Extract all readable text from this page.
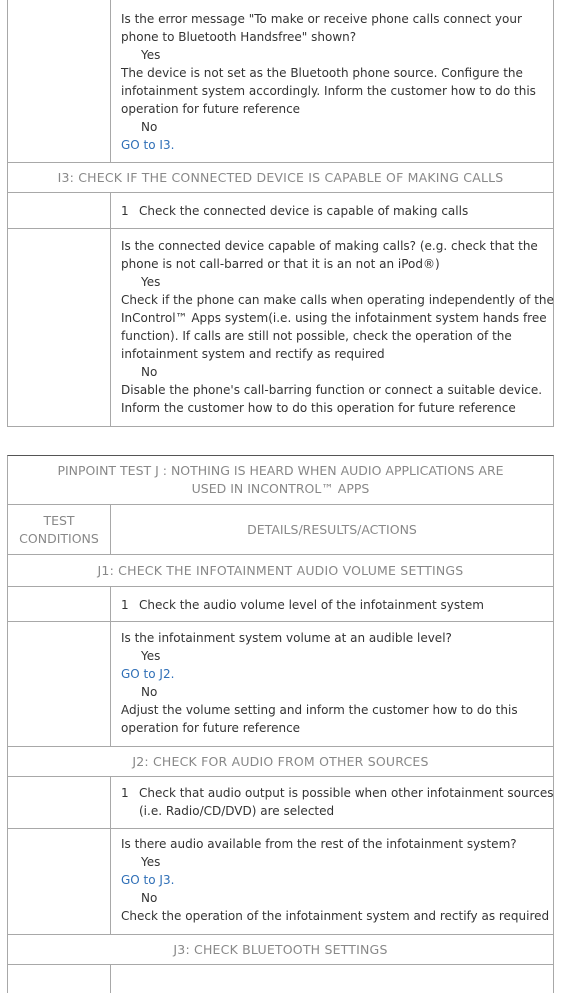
Is the error message "To make or receive phone calls connect your
phone to Bluetooth Handsfree" shown?
Yes
The device is not set as the Bluetooth phone source. Configure the
infotainment system accordingly. Inform the customer how to do this
operation for future reference
No
GO to I3.
I3: CHECK IF THE CONNECTED DEVICE IS CAPABLE OF MAKING CALLS
1 Check the connected device is capable of making calls
Is the connected device capable of making calls? (e.g. check that the
phone is not call-barred or that it is an not an iPod®)
Yes
Check if the phone can make calls when operating independently of the
InControl™ Apps system(i.e. using the infotainment system hands free
function). If calls are still not possible, check the operation of the
infotainment system and rectify as required
No
Disable the phone's call-barring function or connect a suitable device.
Inform the customer how to do this operation for future reference
PINPOINT TEST J : NOTHING IS HEARD WHEN AUDIO APPLICATIONS ARE
USED IN INCONTROL™ APPS
TEST
CONDITIONS
DETAILS/RESULTS/ACTIONS
J1: CHECK THE INFOTAINMENT AUDIO VOLUME SETTINGS
1 Check the audio volume level of the infotainment system
Is the infotainment system volume at an audible level?
Yes
GO to J2.
No
Adjust the volume setting and inform the customer how to do this
operation for future reference
J2: CHECK FOR AUDIO FROM OTHER SOURCES
1 Check that audio output is possible when other infotainment sources
(i.e. Radio/CD/DVD) are selected
Is there audio available from the rest of the infotainment system?
Yes
GO to J3.
No
Check the operation of the infotainment system and rectify as required
J3: CHECK BLUETOOTH SETTINGS
